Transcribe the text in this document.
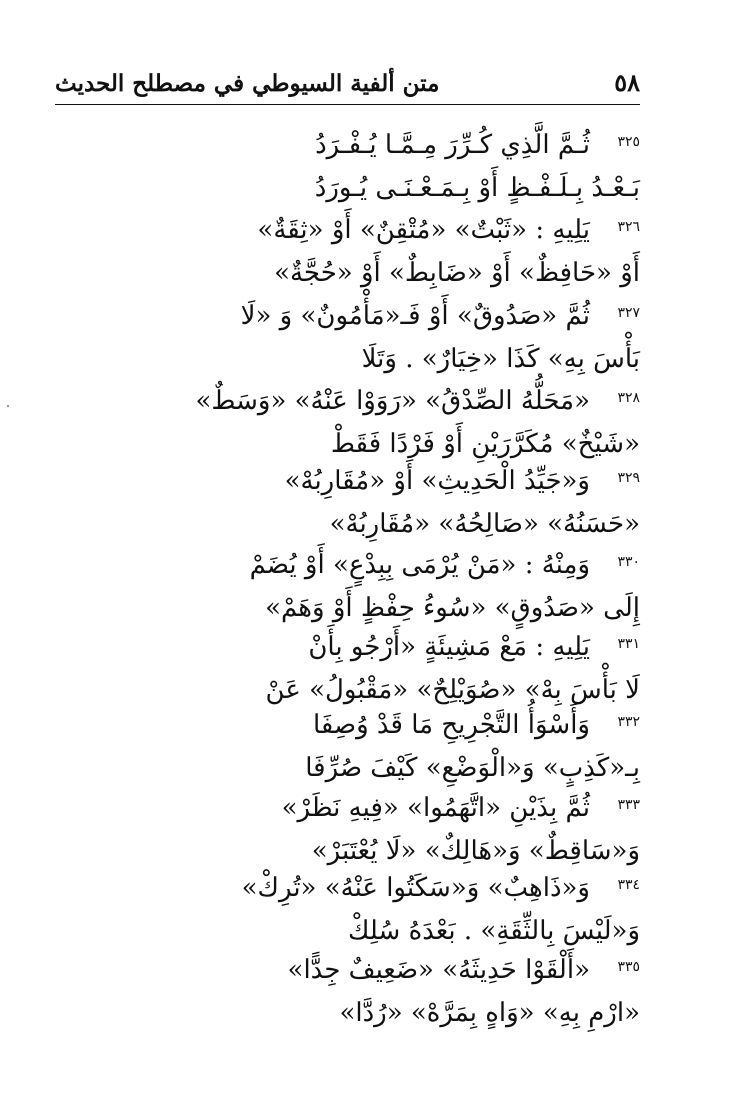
٥٨
متن ألفية السيوطي في مصطلح الحديث
٣٢٥
ثُـمَّ الَّذِي كُـرِّرَ مِـمَّـا يُـفْـرَدُ
بَـعْـدُ بِـلَـفْـظٍ أَوْ بِـمَـعْـنَـى يُـورَدُ
٣٢٦
يَلِيهِ : «ثَبْتٌ» «مُتْقِنٌ» أَوْ «ثِقَةٌ»
أَوْ «حَافِظٌ» أَوْ «ضَابِطٌ» أَوْ «حُجَّةٌ»
٣٢٧
ثُمَّ «صَدُوقٌ» أَوْ فَـ«مَأْمُونٌ» وَ «لَا
بَأْسَ بِهِ» كَذَا «خِيَارٌ» . وَتَلَا
٣٢٨
«مَحَلُّهُ الصِّدْقُ» «رَوَوْا عَنْهُ» «وَسَطٌ»
«شَيْخٌ» مُكَرَّرَيْنِ أَوْ فَرْدًا فَقَطْ
٣٢٩
وَ«جَيِّدُ الْحَدِيثِ» أَوْ «مُقَارِبُهْ»
«حَسَنُهُ» «صَالِحُهُ» «مُقَارِبُهْ»
٣٣٠
وَمِنْهُ : «مَنْ يُرْمَى بِبِدْعٍ» أَوْ يُضَمْ
إِلَى «صَدُوقٍ» «سُوءُ حِفْظٍ أَوْ وَهَمْ»
٣٣١
يَلِيهِ : مَعْ مَشِيئَةٍ «أَرْجُو بِأَنْ
لَا بَأْسَ بِهْ» «صُوَيْلِحٌ» «مَقْبُولُ» عَنْ
٣٣٢
وَأَسْوَأُ التَّجْرِيحِ مَا قَدْ وُصِفَا
بِـ«كَذِبٍ» وَ«الْوَضْعِ» كَيْفَ صُرِّفَا
٣٣٣
ثُمَّ بِذَيْنِ «اتَّهَمُوا» «فِيهِ نَظَرْ»
وَ«سَاقِطٌ» وَ«هَالِكٌ» «لَا يُعْتَبَرْ»
٣٣٤
وَ«ذَاهِبٌ» وَ«سَكَتُوا عَنْهُ» «تُرِكْ»
وَ«لَيْسَ بِالثِّقَةِ» . بَعْدَهُ سُلِكْ
٣٣٥
«أَلْقَوْا حَدِيثَهُ» «ضَعِيفٌ جِدًّا»
«ارْمِ بِهِ» «وَاهٍ بِمَرَّهْ» «رُدَّا»
